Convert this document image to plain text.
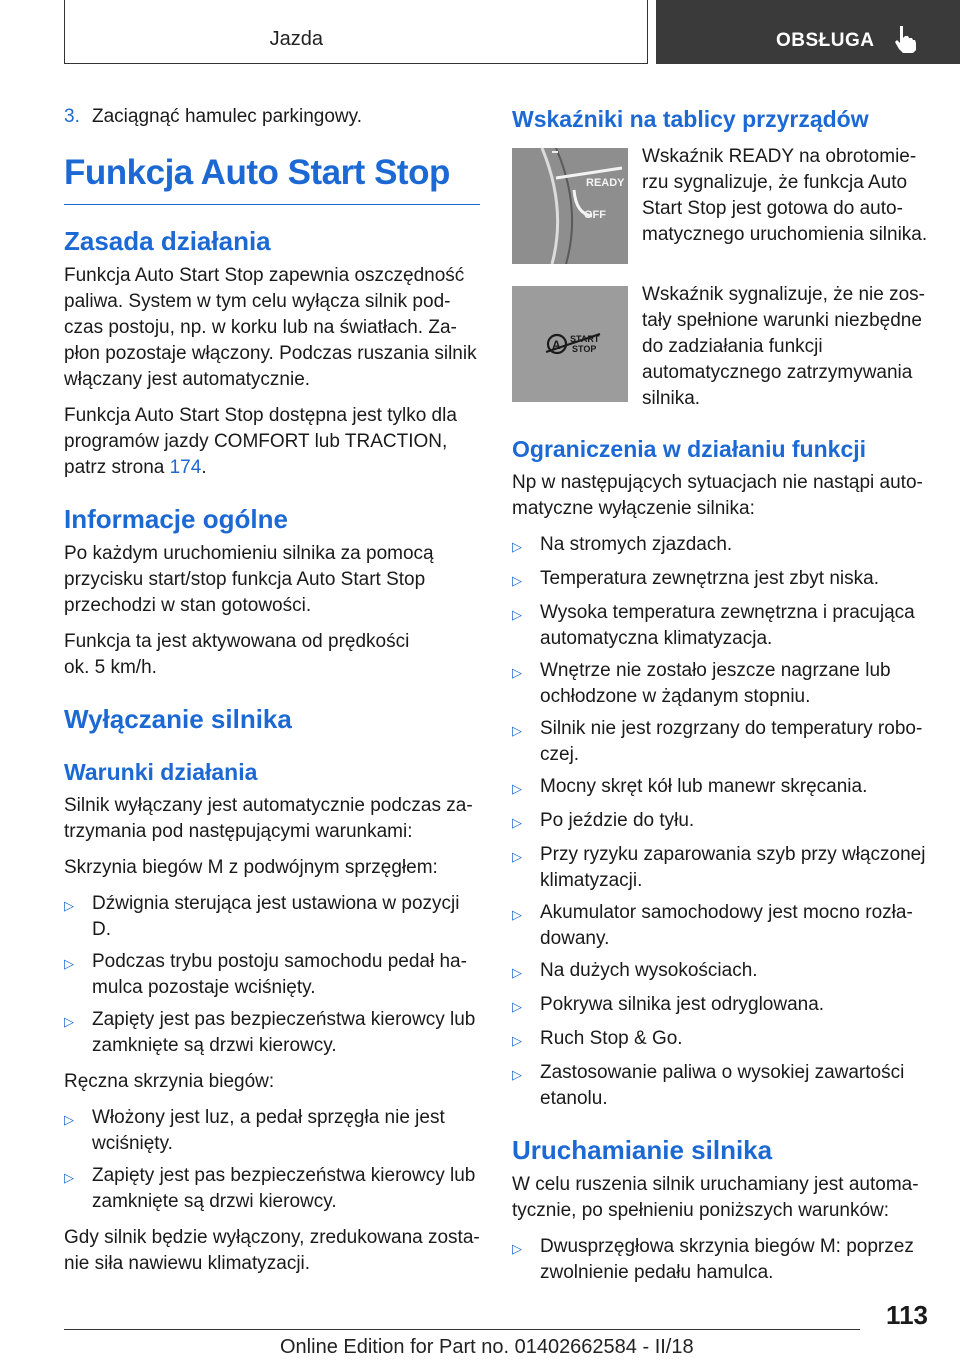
Jazda	OBSŁUGA
3. Zaciągnąć hamulec parkingowy.
Funkcja Auto Start Stop
Zasada działania

Funkcja Auto Start Stop zapewnia oszczędność paliwa. System w tym celu wyłącza silnik podczas postoju, np. w korku lub na światłach. Zapłon pozostaje włączony. Podczas ruszania silnik włączany jest automatycznie.

Funkcja Auto Start Stop dostępna jest tylko dla programów jazdy COMFORT lub TRACTION, patrz strona 174.

Informacje ogólne

Po każdym uruchomieniu silnika za pomocą przycisku start/stop funkcja Auto Start Stop przechodzi w stan gotowości.

Funkcja ta jest aktywowana od prędkości
ok. 5 km/h.

Wyłączanie silnika
Warunki działania

Silnik wyłączany jest automatycznie podczas zatrzymania pod następującymi warunkami:

Skrzynia biegów M z podwójnym sprzęgłem:

▷ Dźwignia sterująca jest ustawiona w pozycji D.
▷ Podczas trybu postoju samochodu pedał hamulca pozostaje wciśnięty.
▷ Zapięty jest pas bezpieczeństwa kierowcy lub zamknięte są drzwi kierowcy.

Ręczna skrzynia biegów:

▷ Włożony jest luz, a pedał sprzęgła nie jest wciśnięty.
▷ Zapięty jest pas bezpieczeństwa kierowcy lub zamknięte są drzwi kierowcy.

Gdy silnik będzie wyłączony, zredukowana zostanie siła nawiewu klimatyzacji.

Wskaźniki na tablicy przyrządów
READY
OFF
Wskaźnik READY na obrotomierzu sygnalizuje, że funkcja Auto Start Stop jest gotowa do automatycznego uruchomienia silnika.
A START
STOP
Wskaźnik sygnalizuje, że nie zostały spełnione warunki niezbędne do zadziałania funkcji automatycznego zatrzymywania silnika.
Ograniczenia w działaniu funkcji

Np w następujących sytuacjach nie nastąpi automatyczne wyłączenie silnika:

▷ Na stromych zjazdach.
▷ Temperatura zewnętrzna jest zbyt niska.
▷ Wysoka temperatura zewnętrzna i pracująca automatyczna klimatyzacja.
▷ Wnętrze nie zostało jeszcze nagrzane lub ochłodzone w żądanym stopniu.
▷ Silnik nie jest rozgrzany do temperatury roboczej.
▷ Mocny skręt kół lub manewr skręcania.
▷ Po jeździe do tyłu.
▷ Przy ryzyku zaparowania szyb przy włączonej klimatyzacji.
▷ Akumulator samochodowy jest mocno rozładowany.
▷ Na dużych wysokościach.
▷ Pokrywa silnika jest odryglowana.
▷ Ruch Stop & Go.
▷ Zastosowanie paliwa o wysokiej zawartości etanolu.
Uruchamianie silnika

W celu ruszenia silnik uruchamiany jest automatycznie, po spełnieniu poniższych warunków:

▷ Dwusprzęgłowa skrzynia biegów M: poprzez zwolnienie pedału hamulca.
113
Online Edition for Part no. 01402662584 - II/18
